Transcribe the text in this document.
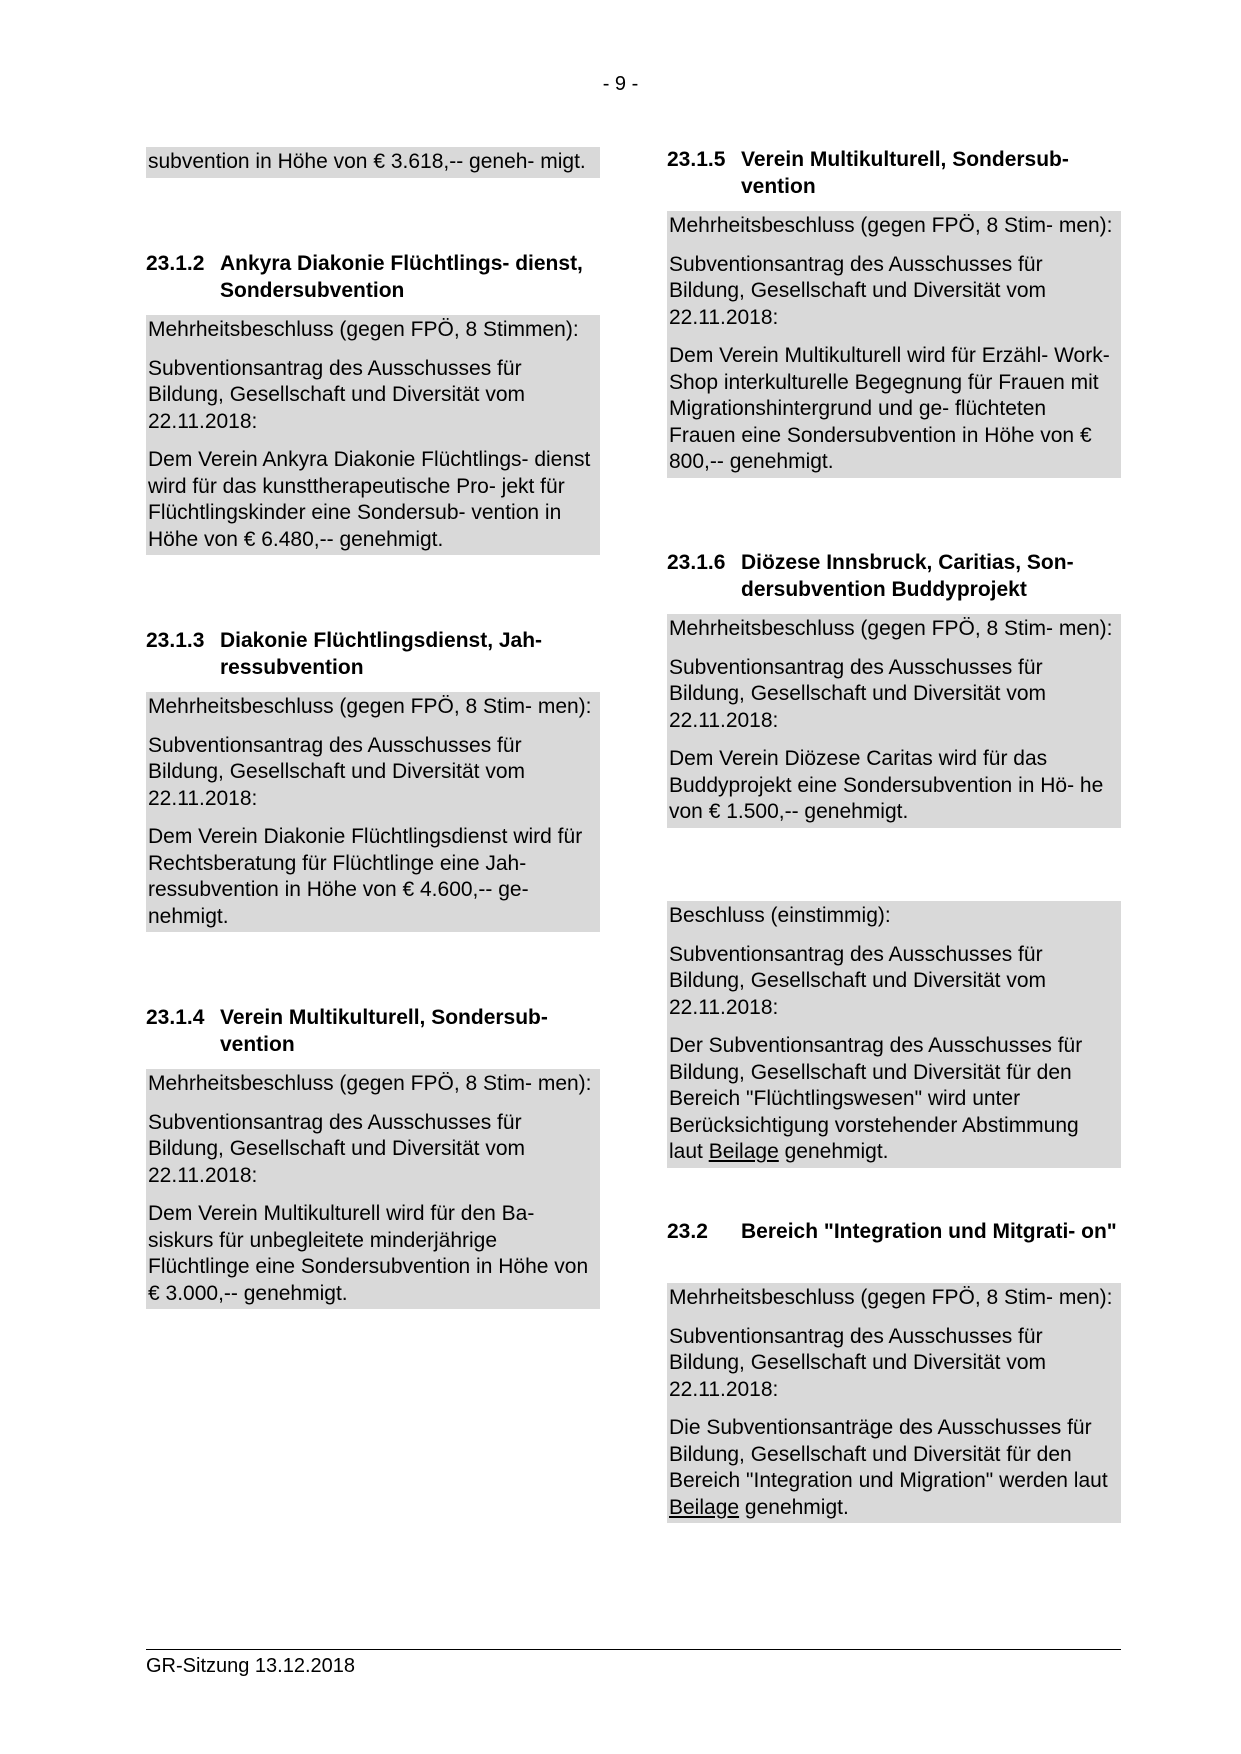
- 9 -

subvention in Höhe von € 3.618,-- geneh- migt.

23.1.2 Ankyra Diakonie Flüchtlings- dienst, Sondersubvention

Mehrheitsbeschluss (gegen FPÖ, 8 Stimmen):

Subventionsantrag des Ausschusses für Bildung, Gesellschaft und Diversität vom 22.11.2018:

Dem Verein Ankyra Diakonie Flüchtlings- dienst wird für das kunsttherapeutische Pro- jekt für Flüchtlingskinder eine Sondersub- vention in Höhe von € 6.480,-- genehmigt.

23.1.3 Diakonie Flüchtlingsdienst, Jah- ressubvention

Mehrheitsbeschluss (gegen FPÖ, 8 Stim- men):

Subventionsantrag des Ausschusses für Bildung, Gesellschaft und Diversität vom 22.11.2018:

Dem Verein Diakonie Flüchtlingsdienst wird für Rechtsberatung für Flüchtlinge eine Jah- ressubvention in Höhe von € 4.600,-- ge- nehmigt.

23.1.4 Verein Multikulturell, Sondersub- vention

Mehrheitsbeschluss (gegen FPÖ, 8 Stim- men):

Subventionsantrag des Ausschusses für Bildung, Gesellschaft und Diversität vom 22.11.2018:

Dem Verein Multikulturell wird für den Ba- siskurs für unbegleitete minderjährige Flüchtlinge eine Sondersubvention in Höhe von € 3.000,-- genehmigt.

23.1.5 Verein Multikulturell, Sondersub- vention

Mehrheitsbeschluss (gegen FPÖ, 8 Stim- men):

Subventionsantrag des Ausschusses für Bildung, Gesellschaft und Diversität vom 22.11.2018:

Dem Verein Multikulturell wird für Erzähl- Work-Shop interkulturelle Begegnung für Frauen mit Migrationshintergrund und ge- flüchteten Frauen eine Sondersubvention in Höhe von € 800,-- genehmigt.

23.1.6 Diözese Innsbruck, Caritias, Son- dersubvention Buddyprojekt

Mehrheitsbeschluss (gegen FPÖ, 8 Stim- men):

Subventionsantrag des Ausschusses für Bildung, Gesellschaft und Diversität vom 22.11.2018:

Dem Verein Diözese Caritas wird für das Buddyprojekt eine Sondersubvention in Hö- he von € 1.500,-- genehmigt.

Beschluss (einstimmig):

Subventionsantrag des Ausschusses für Bildung, Gesellschaft und Diversität vom 22.11.2018:

Der Subventionsantrag des Ausschusses für Bildung, Gesellschaft und Diversität für den Bereich "Flüchtlingswesen" wird unter Berücksichtigung vorstehender Abstimmung laut Beilage genehmigt.

23.2	Bereich "Integration und Mitgrati- on"

Mehrheitsbeschluss (gegen FPÖ, 8 Stim- men):

Subventionsantrag des Ausschusses für Bildung, Gesellschaft und Diversität vom 22.11.2018:

Die Subventionsanträge des Ausschusses für Bildung, Gesellschaft und Diversität für den Bereich "Integration und Migration" werden laut Beilage genehmigt.

GR-Sitzung 13.12.2018
